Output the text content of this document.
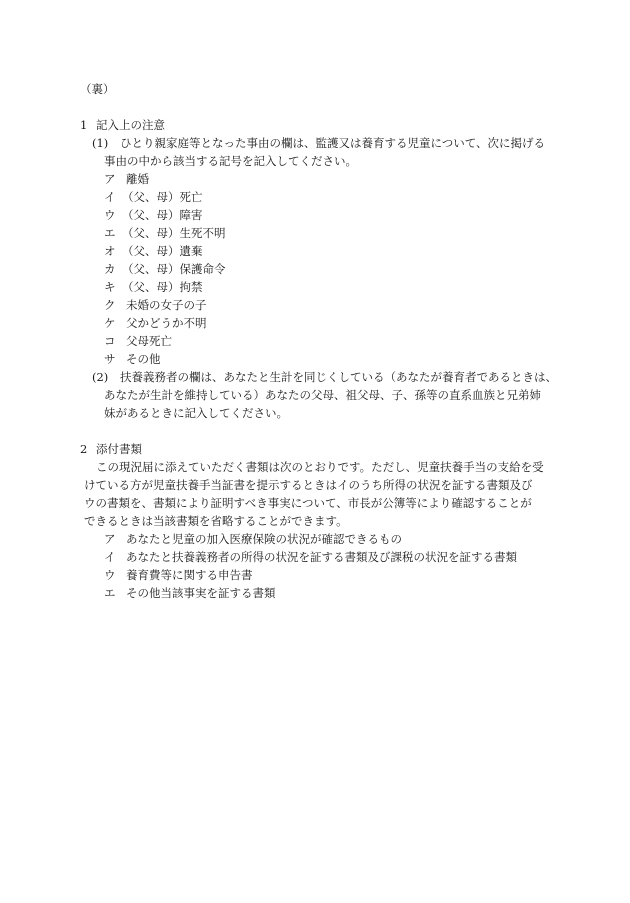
（裏）
1 記入上の注意
(1) ひとり親家庭等となった事由の欄は、監護又は養育する児童について、次に掲げる
事由の中から該当する記号を記入してください。
ア 離婚
イ （父、母）死亡
ウ （父、母）障害
エ （父、母）生死不明
オ （父、母）遺棄
カ （父、母）保護命令
キ （父、母）拘禁
ク 未婚の女子の子
ケ 父かどうか不明
コ 父母死亡
サ その他
(2) 扶養義務者の欄は、あなたと生計を同じくしている（あなたが養育者であるときは、
あなたが生計を維持している）あなたの父母、祖父母、子、孫等の直系血族と兄弟姉
妹があるときに記入してください。
2 添付書類
この現況届に添えていただく書類は次のとおりです。ただし、児童扶養手当の支給を受
けている方が児童扶養手当証書を提示するときはイのうち所得の状況を証する書類及び
ウの書類を、書類により証明すべき事実について、市長が公簿等により確認することが
できるときは当該書類を省略することができます。
ア あなたと児童の加入医療保険の状況が確認できるもの
イ あなたと扶養義務者の所得の状況を証する書類及び課税の状況を証する書類
ウ 養育費等に関する申告書
エ その他当該事実を証する書類
